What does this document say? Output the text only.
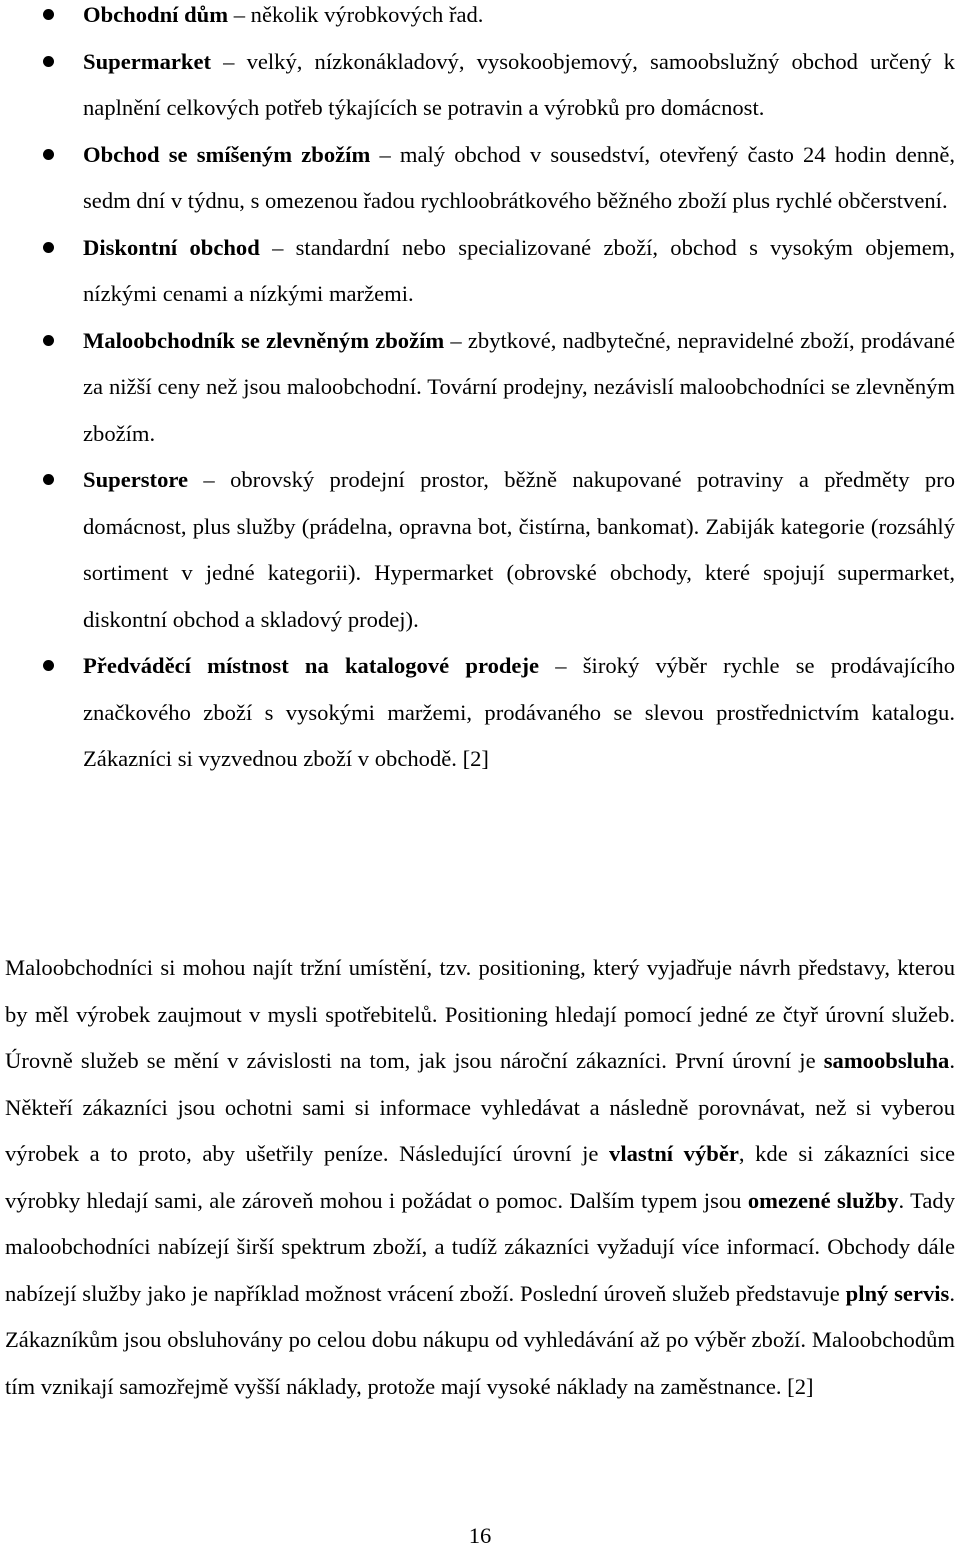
Obchodní dům – několik výrobkových řad.
Supermarket – velký, nízkonákladový, vysokoobjemový, samoobslužný obchod určený k naplnění celkových potřeb týkajících se potravin a výrobků pro domácnost.
Obchod se smíšeným zbožím – malý obchod v sousedství, otevřený často 24 hodin denně, sedm dní v týdnu, s omezenou řadou rychloobrátkového běžného zboží plus rychlé občerstvení.
Diskontní obchod – standardní nebo specializované zboží, obchod s vysokým objemem, nízkými cenami a nízkými maržemi.
Maloobchodník se zlevněným zbožím – zbytkové, nadbytečné, nepravidelné zboží, prodávané za nižší ceny než jsou maloobchodní. Tovární prodejny, nezávislí maloobchodníci se zlevněným zbožím.
Superstore – obrovský prodejní prostor, běžně nakupované potraviny a předměty pro domácnost, plus služby (prádelna, opravna bot, čistírna, bankomat). Zabiják kategorie (rozsáhlý sortiment v jedné kategorii). Hypermarket (obrovské obchody, které spojují supermarket, diskontní obchod a skladový prodej).
Předváděcí místnost na katalogové prodeje – široký výběr rychle se prodávajícího značkového zboží s vysokými maržemi, prodávaného se slevou prostřednictvím katalogu. Zákazníci si vyzvednou zboží v obchodě. [2]

Maloobchodníci si mohou najít tržní umístění, tzv. positioning, který vyjadřuje návrh představy, kterou by měl výrobek zaujmout v mysli spotřebitelů. Positioning hledají pomocí jedné ze čtyř úrovní služeb. Úrovně služeb se mění v závislosti na tom, jak jsou nároční zákazníci. První úrovní je samoobsluha. Někteří zákazníci jsou ochotni sami si informace vyhledávat a následně porovnávat, než si vyberou výrobek a to proto, aby ušetřily peníze. Následující úrovní je vlastní výběr, kde si zákazníci sice výrobky hledají sami, ale zároveň mohou i požádat o pomoc. Dalším typem jsou omezené služby. Tady maloobchodníci nabízejí širší spektrum zboží, a tudíž zákazníci vyžadují více informací. Obchody dále nabízejí služby jako je například možnost vrácení zboží. Poslední úroveň služeb představuje plný servis. Zákazníkům jsou obsluhovány po celou dobu nákupu od vyhledávání až po výběr zboží. Maloobchodům tím vznikají samozřejmě vyšší náklady, protože mají vysoké náklady na zaměstnance. [2]

16
